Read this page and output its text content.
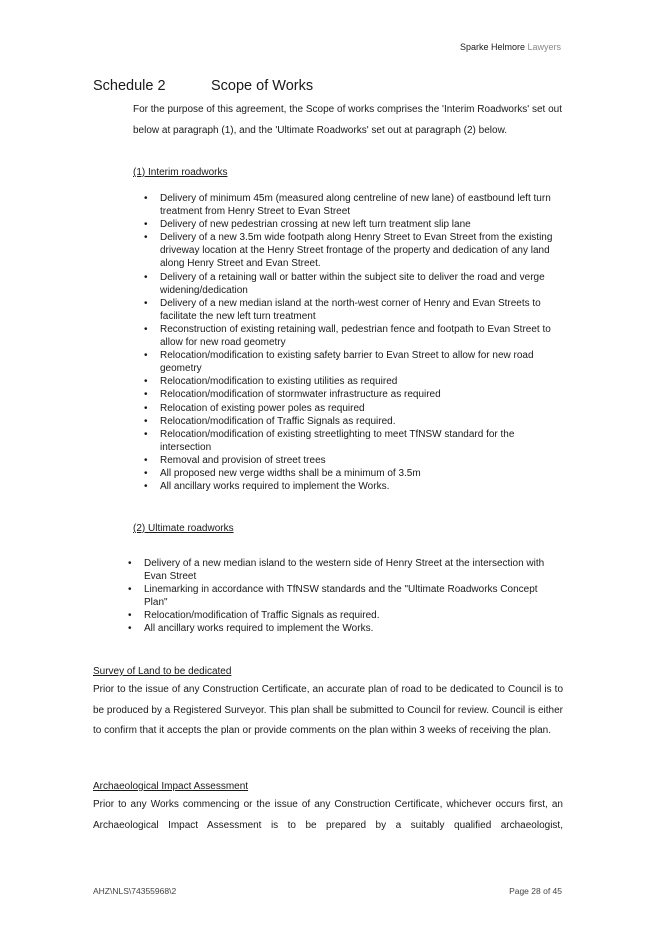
Sparke Helmore Lawyers
Schedule 2	Scope of Works
For the purpose of this agreement, the Scope of works comprises the 'Interim Roadworks' set out below at paragraph (1), and the 'Ultimate Roadworks' set out at paragraph (2) below.
(1) Interim roadworks
• Delivery of minimum 45m (measured along centreline of new lane) of eastbound left turn treatment from Henry Street to Evan Street
• Delivery of new pedestrian crossing at new left turn treatment slip lane
• Delivery of a new 3.5m wide footpath along Henry Street to Evan Street from the existing driveway location at the Henry Street frontage of the property and dedication of any land along Henry Street and Evan Street.
• Delivery of a retaining wall or batter within the subject site to deliver the road and verge widening/dedication
• Delivery of a new median island at the north-west corner of Henry and Evan Streets to facilitate the new left turn treatment
• Reconstruction of existing retaining wall, pedestrian fence and footpath to Evan Street to allow for new road geometry
• Relocation/modification to existing safety barrier to Evan Street to allow for new road geometry
• Relocation/modification to existing utilities as required
• Relocation/modification of stormwater infrastructure as required
• Relocation of existing power poles as required
• Relocation/modification of Traffic Signals as required.
• Relocation/modification of existing streetlighting to meet TfNSW standard for the intersection
• Removal and provision of street trees
• All proposed new verge widths shall be a minimum of 3.5m
• All ancillary works required to implement the Works.
(2) Ultimate roadworks
• Delivery of a new median island to the western side of Henry Street at the intersection with Evan Street
• Linemarking in accordance with TfNSW standards and the "Ultimate Roadworks Concept Plan"
• Relocation/modification of Traffic Signals as required.
• All ancillary works required to implement the Works.
Survey of Land to be dedicated
Prior to the issue of any Construction Certificate, an accurate plan of road to be dedicated to Council is to be produced by a Registered Surveyor. This plan shall be submitted to Council for review. Council is either to confirm that it accepts the plan or provide comments on the plan within 3 weeks of receiving the plan.
Archaeological Impact Assessment
Prior to any Works commencing or the issue of any Construction Certificate, whichever occurs first, an Archaeological Impact Assessment is to be prepared by a suitably qualified archaeologist,
AHZ\NLS\74355968\2	Page 28 of 45
